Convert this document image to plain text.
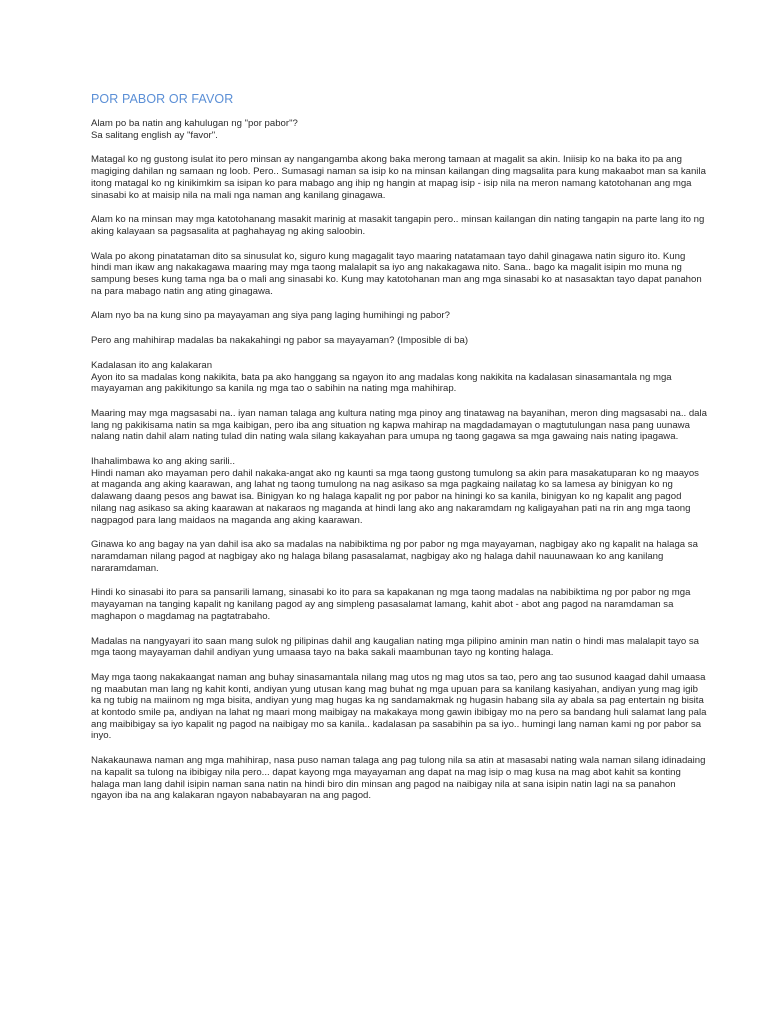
POR PABOR OR FAVOR

Alam po ba natin ang kahulugan ng "por pabor"?
Sa salitang english ay "favor".

Matagal ko ng gustong isulat ito pero minsan ay nangangamba akong baka merong tamaan at magalit sa akin. Iniisip ko na baka ito pa ang magiging dahilan ng samaan ng loob. Pero.. Sumasagi naman sa isip ko na minsan kailangan ding magsalita para kung makaabot man sa kanila itong matagal ko ng kinikimkim sa isipan ko para mabago ang ihip ng hangin at mapag isip - isip nila na meron namang katotohanan ang mga sinasabi ko at maisip nila na mali nga naman ang kanilang ginagawa.

Alam ko na minsan may mga katotohanang masakit marinig at masakit tangapin pero.. minsan kailangan din nating tangapin na parte lang ito ng aking kalayaan sa pagsasalita at paghahayag ng aking saloobin.

Wala po akong pinatataman dito sa sinusulat ko, siguro kung magagalit tayo maaring natatamaan tayo dahil ginagawa natin siguro ito. Kung hindi man ikaw ang nakakagawa maaring may mga taong malalapit sa iyo ang nakakagawa nito. Sana.. bago ka magalit isipin mo muna ng sampung beses kung tama nga ba o mali ang sinasabi ko. Kung may katotohanan man ang mga sinasabi ko at nasasaktan tayo dapat panahon na para mabago natin ang ating ginagawa.

Alam nyo ba na kung sino pa mayayaman ang siya pang laging humihingi ng pabor?

Pero ang mahihirap madalas ba nakakahingi ng pabor sa mayayaman? (Imposible di ba)

Kadalasan ito ang kalakaran
Ayon ito sa madalas kong nakikita, bata pa ako hanggang sa ngayon ito ang madalas kong nakikita na kadalasan sinasamantala ng mga mayayaman ang pakikitungo sa kanila ng mga tao o sabihin na nating mga mahihirap.

Maaring may mga magsasabi na.. iyan naman talaga ang kultura nating mga pinoy ang tinatawag na bayanihan, meron ding magsasabi na.. dala lang ng pakikisama natin sa mga kaibigan, pero iba ang situation ng kapwa mahirap na magdadamayan o magtutulungan nasa pang uunawa nalang natin dahil alam nating tulad din nating wala silang kakayahan para umupa ng taong gagawa sa mga gawaing nais nating ipagawa.

Ihahalimbawa ko ang aking sarili..
Hindi naman ako mayaman pero dahil nakaka-angat ako ng kaunti sa mga taong gustong tumulong sa akin para masakatuparan ko ng maayos at maganda ang aking kaarawan, ang lahat ng taong tumulong na nag asikaso sa mga pagkaing nailatag ko sa lamesa ay binigyan ko ng dalawang daang pesos ang bawat isa. Binigyan ko ng halaga kapalit ng por pabor na hiningi ko sa kanila, binigyan ko ng kapalit ang pagod nilang nag asikaso sa aking kaarawan at nakaraos ng maganda at hindi lang ako ang nakaramdam ng kaligayahan pati na rin ang mga taong nagpagod para lang maidaos na maganda ang aking kaarawan.

Ginawa ko ang bagay na yan dahil isa ako sa madalas na nabibiktima ng por pabor ng mga mayayaman, nagbigay ako ng kapalit na halaga sa naramdaman nilang pagod at nagbigay ako ng halaga bilang pasasalamat, nagbigay ako ng halaga dahil nauunawaan ko ang kanilang nararamdaman.

Hindi ko sinasabi ito para sa pansarili lamang, sinasabi ko ito para sa kapakanan ng mga taong madalas na nabibiktima ng por pabor ng mga mayayaman na tanging kapalit ng kanilang pagod ay ang simpleng pasasalamat lamang, kahit abot - abot ang pagod na naramdaman sa maghapon o magdamag na pagtatrabaho.

Madalas na nangyayari ito saan mang sulok ng pilipinas dahil ang kaugalian nating mga pilipino aminin man natin o hindi mas malalapit tayo sa mga taong mayayaman dahil andiyan yung umaasa tayo na baka sakali maambunan tayo ng konting halaga.

May mga taong nakakaangat naman ang buhay sinasamantala nilang mag utos ng mag utos sa tao, pero ang tao susunod kaagad dahil umaasa ng maabutan man lang ng kahit konti, andiyan yung utusan kang mag buhat ng mga upuan para sa kanilang kasiyahan, andiyan yung mag igib ka ng tubig na maiinom ng mga bisita, andiyan yung mag hugas ka ng sandamakmak ng hugasin habang sila ay abala sa pag entertain ng bisita at kontodo smile pa, andiyan na lahat ng maari mong maibigay na makakaya mong gawin ibibigay mo na pero sa bandang huli salamat lang pala ang maibibigay sa iyo kapalit ng pagod na naibigay mo sa kanila.. kadalasan pa sasabihin pa sa iyo.. humingi lang naman kami ng por pabor sa inyo.

Nakakaunawa naman ang mga mahihirap, nasa puso naman talaga ang pag tulong nila sa atin at masasabi nating wala naman silang idinadaing na kapalit sa tulong na ibibigay nila pero... dapat kayong mga mayayaman ang dapat na mag isip o mag kusa na mag abot kahit sa konting halaga man lang dahil isipin naman sana natin na hindi biro din minsan ang pagod na naibigay nila at sana isipin natin lagi na sa panahon ngayon iba na ang kalakaran ngayon nababayaran na ang pagod.
